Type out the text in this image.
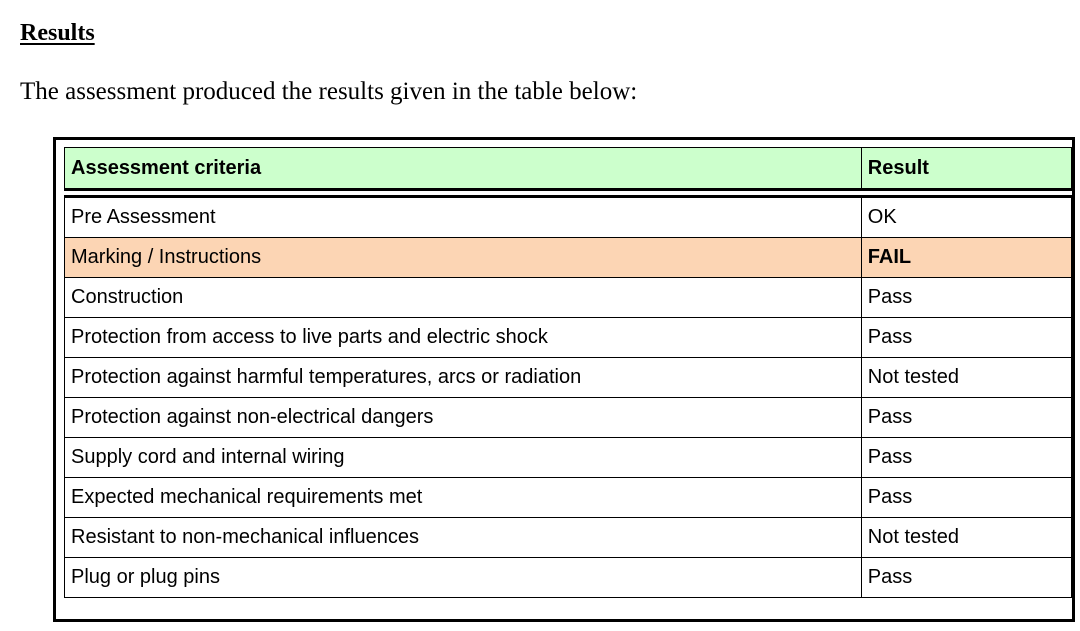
Results

The assessment produced the results given in the table below:

Assessment criteria	Result

Pre Assessment	OK
Marking / Instructions	FAIL
Construction	Pass
Protection from access to live parts and electric shock	Pass
Protection against harmful temperatures, arcs or radiation	Not tested
Protection against non-electrical dangers	Pass
Supply cord and internal wiring	Pass
Expected mechanical requirements met	Pass
Resistant to non-mechanical influences	Not tested
Plug or plug pins	Pass
